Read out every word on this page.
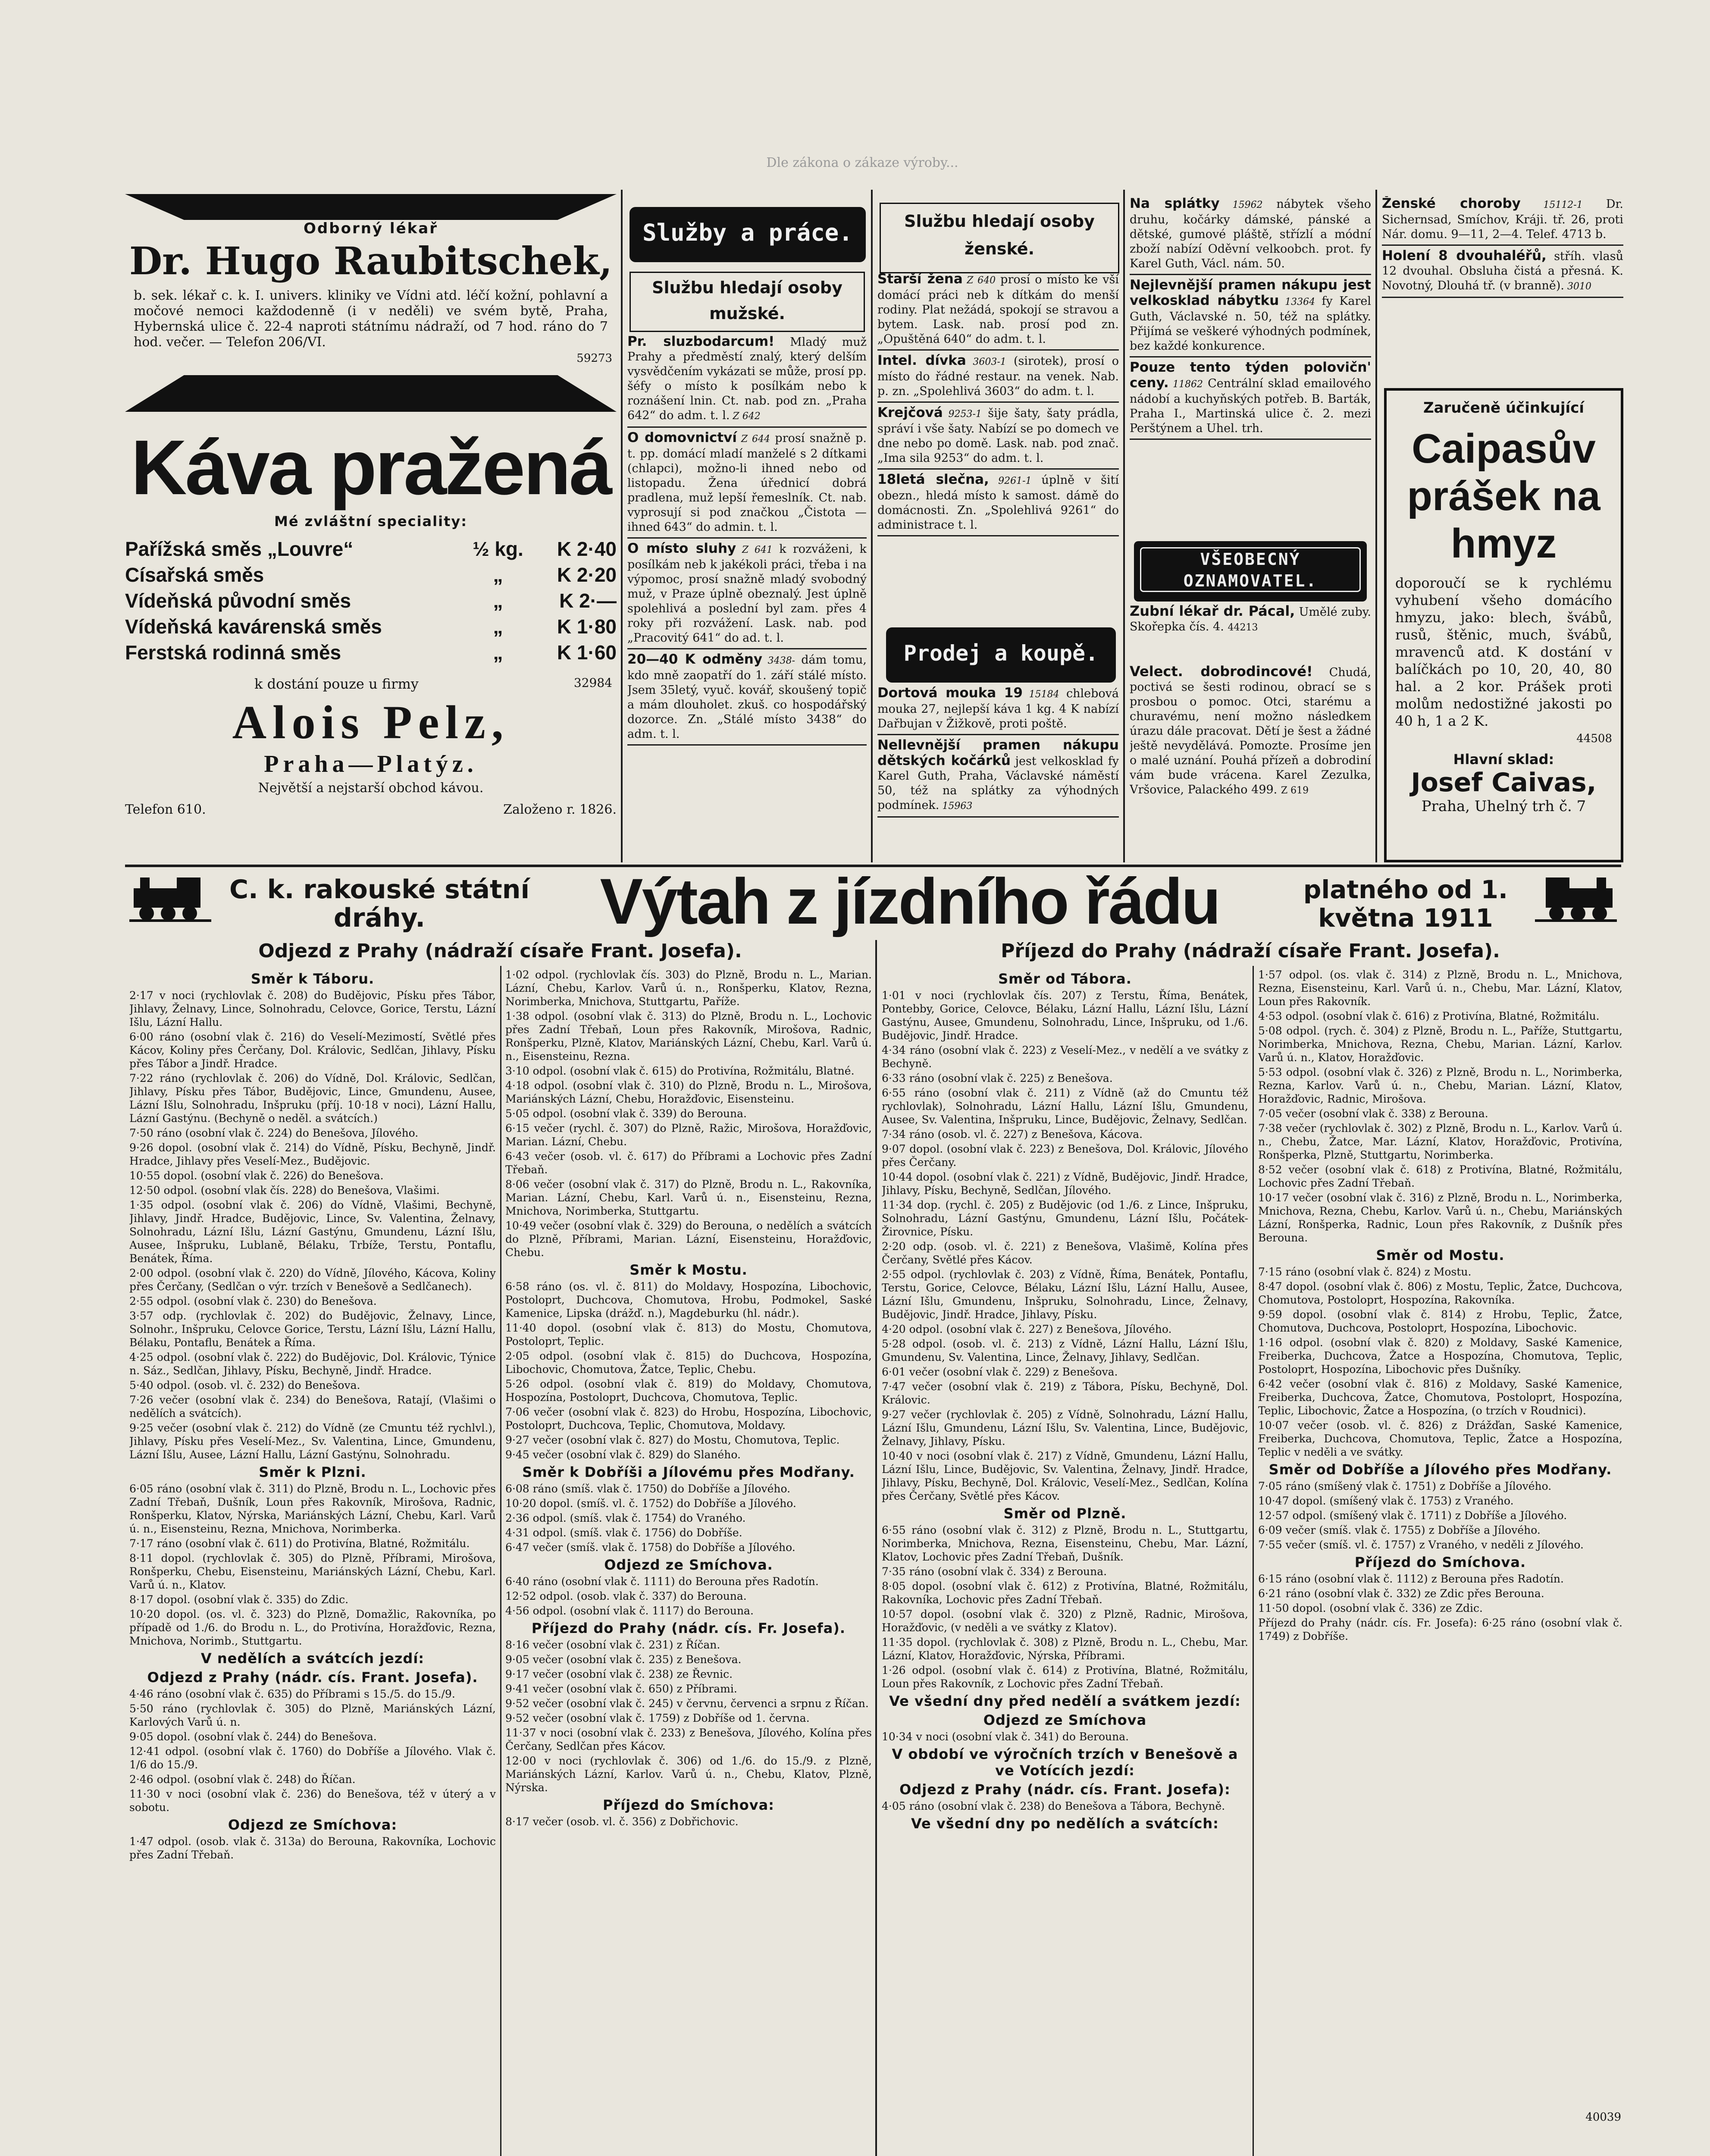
Dle zákona o zákaze výroby...
Odborný lékař
Dr. Hugo Raubitschek,
b. sek. lékař c. k. I. univers. kliniky ve Vídni atd. léčí kožní, pohlavní a močové nemoci každodenně (i v neděli) ve svém bytě, Praha, Hybernská ulice č. 22-4 naproti státnímu nádraží, od 7 hod. ráno do 7 hod. večer. — Telefon 206/VI.
59273
Káva pražená
Mé zvláštní speciality:
Pařížská směs „Louvre“	½ kg.	K 2·40
Císařská směs	„	K 2·20
Vídeňská původní směs	„	K 2·—
Vídeňská kavárenská směs	„	K 1·80
Ferstská rodinná směs	„	K 1·60
k dostání pouze u firmy	32984
Alois Pelz,
Praha—Platýz.
Největší a nejstarší obchod kávou.
Telefon 610.	Založeno r. 1826.
Služby a práce.
Službu hledají osoby mužské.
Pr. sluzbodarcum! Mladý muž Prahy a předměstí znalý, který delším vysvědčením vykázati se může, prosí pp. šéfy o místo k posílkám nebo k roznášení lnin. Ct. nab. pod zn. „Praha 642“ do adm. t. l. Z 642
O domovnictví Z 644 prosí snažně p. t. pp. domácí mladí manželé s 2 dítkami (chlapci), možno-li ihned nebo od listopadu. Žena úřednicí dobrá pradlena, muž lepší řemeslník. Ct. nab. vyprosují si pod značkou „Čistota — ihned 643“ do admin. t. l.
O místo sluhy Z 641 k rozváženi, k posílkám neb k jakékoli práci, třeba i na výpomoc, prosí snažně mladý svobodný muž, v Praze úplně obeznalý. Jest úplně spolehlivá a poslední byl zam. přes 4 roky při rozvážení. Lask. nab. pod „Pracovitý 641“ do ad. t. l.
20—40 K odměny 3438- dám tomu, kdo mně zaopatří do 1. září stálé místo. Jsem 35letý, vyuč. kovář, skoušený topič a mám dlouholet. zkuš. co hospodářský dozorce. Zn. „Stálé místo 3438“ do adm. t. l.
Službu hledají osoby ženské.
Starší žena Z 640 prosí o místo ke vší domácí práci neb k dítkám do menší rodiny. Plat nežádá, spokojí se stravou a bytem. Lask. nab. prosí pod zn. „Opuštěná 640“ do adm. t. l.
Intel. dívka 3603-1 (sirotek), prosí o místo do řádné restaur. na venek. Nab. p. zn. „Spolehlivá 3603“ do adm. t. l.
Krejčová 9253-1 šije šaty, šaty prádla, správí i vše šaty. Nabízí se po domech ve dne nebo po domě. Lask. nab. pod znač. „Ima sila 9253“ do adm. t. l.
18letá slečna, 9261-1 úplně v šití obezn., hledá místo k samost. dámě do domácnosti. Zn. „Spolehlivá 9261“ do administrace t. l.
Prodej a koupě.
Dortová mouka 19 15184 chlebová mouka 27, nejlepší káva 1 kg. 4 K nabízí Dařbujan v Žižkově, proti poště.
Nellevnější pramen nákupu dětských kočárků jest velkosklad fy Karel Guth, Praha, Václavské náměstí 50, též na splátky za výhodných podmínek. 15963
Na splátky 15962 nábytek všeho druhu, kočárky dámské, pánské a dětské, gumové pláště, střízlí a módní zboží nabízí Oděvní velkoobch. prot. fy Karel Guth, Václ. nám. 50.
Nejlevnější pramen nákupu jest velkosklad nábytku 13364 fy Karel Guth, Václavské n. 50, též na splátky. Přijímá se veškeré výhodných podmínek, bez každé konkurence.
Pouze tento týden polovičn' ceny. 11862 Centrální sklad emailového nádobí a kuchyňských potřeb. B. Barták, Praha I., Martinská ulice č. 2. mezi Perštýnem a Uhel. trh.
VŠEOBECNÝ OZNAMOVATEL.
Zubní lékař dr. Pácal, Umělé zuby. Skořepka čís. 4. 44213
Velect. dobrodincové! Chudá, poctivá se šesti rodinou, obrací se s prosbou o pomoc. Otci, starému a churavému, není možno následkem úrazu dále pracovat. Dětí je šest a žádné ještě nevydělává. Pomozte. Prosíme jen o malé uznání. Pouhá přízeň a dobrodiní vám bude vrácena. Karel Zezulka, Vršovice, Palackého 499. Z 619
Ženské choroby 15112-1 Dr. Sichernsad, Smíchov, Kráji. tř. 26, proti Nár. domu. 9—11, 2—4. Telef. 4713 b.
Holení 8 dvouhaléřů, stříh. vlasů 12 dvouhal. Obsluha čistá a přesná. K. Novotný, Dlouhá tř. (v branně). 3010
Zaručeně účinkující
Caipasův prášek na hmyz
doporoučí se k rychlému vyhubení všeho domácího hmyzu, jako: blech, švábů, rusů, štěnic, much, švábů, mravenců atd. K dostání v balíčkách po 10, 20, 40, 80 hal. a 2 kor. Prášek proti molům nedostižné jakosti po 40 h, 1 a 2 K.
44508
Hlavní sklad:
Josef Caivas,
Praha, Uhelný trh č. 7
C. k. rakouské státní dráhy.	Výtah z jízdního řádu	platného od 1. května 1911
Odjezd z Prahy (nádraží císaře Frant. Josefa).	Příjezd do Prahy (nádraží císaře Frant. Josefa).
Směr k Táboru.
2·17 v noci (rychlovlak č. 208) do Budějovic, Písku přes Tábor, Jihlavy, Želnavy, Lince, Solnohradu, Celovce, Gorice, Terstu, Lázní Išlu, Lázní Hallu.
6·00 ráno (osobní vlak č. 216) do Veselí-Mezimostí, Světlé přes Kácov, Koliny přes Čerčany, Dol. Královic, Sedlčan, Jihlavy, Písku přes Tábor a Jindř. Hradce.
7·22 ráno (rychlovlak č. 206) do Vídně, Dol. Královic, Sedlčan, Jihlavy, Písku přes Tábor, Budějovic, Lince, Gmundenu, Ausee, Lázní Išlu, Solnohradu, Inšpruku (příj. 10·18 v noci), Lázní Hallu, Lázní Gastýnu. (Bechyně o neděl. a svátcích.)
7·50 ráno (osobní vlak č. 224) do Benešova, Jílového.
9·26 dopol. (osobní vlak č. 214) do Vídně, Písku, Bechyně, Jindř. Hradce, Jihlavy přes Veselí-Mez., Budějovic.
10·55 dopol. (osobní vlak č. 226) do Benešova.
12·50 odpol. (osobní vlak čís. 228) do Benešova, Vlašimi.
1·35 odpol. (osobní vlak č. 206) do Vídně, Vlašimi, Bechyně, Jihlavy, Jindř. Hradce, Budějovic, Lince, Sv. Valentina, Želnavy, Solnohradu, Lázní Išlu, Lázní Gastýnu, Gmundenu, Lázní Išlu, Ausee, Inšpruku, Lublaně, Bélaku, Trbíže, Terstu, Pontaflu, Benátek, Říma.
2·00 odpol. (osobní vlak č. 220) do Vídně, Jílového, Kácova, Koliny přes Čerčany, (Sedlčan o výr. trzích v Benešově a Sedlčanech).
2·55 odpol. (osobní vlak č. 230) do Benešova.
3·57 odp. (rychlovlak č. 202) do Budějovic, Želnavy, Lince, Solnohr., Inšpruku, Celovce Gorice, Terstu, Lázní Išlu, Lázní Hallu, Bélaku, Pontaflu, Benátek a Říma.
4·25 odpol. (osobní vlak č. 222) do Budějovic, Dol. Královic, Týnice n. Sáz., Sedlčan, Jihlavy, Písku, Bechyně, Jindř. Hradce.
5·40 odpol. (osob. vl. č. 232) do Benešova.
7·26 večer (osobní vlak č. 234) do Benešova, Ratají, (Vlašimi o nedělích a svátcích).
9·25 večer (osobní vlak č. 212) do Vídně (ze Cmuntu též rychlvl.), Jihlavy, Písku přes Veselí-Mez., Sv. Valentina, Lince, Gmundenu, Lázní Išlu, Ausee, Lázní Hallu, Lázní Gastýnu, Solnohradu.
Směr k Plzni.
6·05 ráno (osobní vlak č. 311) do Plzně, Brodu n. L., Lochovic přes Zadní Třebaň, Dušník, Loun přes Rakovník, Mirošova, Radnic, Ronšperku, Klatov, Nýrska, Mariánských Lázní, Chebu, Karl. Varů ú. n., Eisensteinu, Rezna, Mnichova, Norimberka.
7·17 ráno (osobní vlak č. 611) do Protivína, Blatné, Rožmitálu.
8·11 dopol. (rychlovlak č. 305) do Plzně, Příbrami, Mirošova, Ronšperku, Chebu, Eisensteinu, Mariánských Lázní, Chebu, Karl. Varů ú. n., Klatov.
8·17 dopol. (osobní vlak č. 335) do Zdic.
10·20 dopol. (os. vl. č. 323) do Plzně, Domažlic, Rakovníka, po případě od 1./6. do Brodu n. L., do Protivína, Horažďovic, Rezna, Mnichova, Norimb., Stuttgartu.
V nedělích a svátcích jezdí:
Odjezd z Prahy (nádr. cís. Frant. Josefa).
4·46 ráno (osobní vlak č. 635) do Příbrami s 15./5. do 15./9.
5·50 ráno (rychlovlak č. 305) do Plzně, Mariánských Lázní, Karlových Varů ú. n.
9·05 dopol. (osobní vlak č. 244) do Benešova.
12·41 odpol. (osobní vlak č. 1760) do Dobříše a Jílového. Vlak č. 1/6 do 15./9.
2·46 odpol. (osobní vlak č. 248) do Říčan.
11·30 v noci (osobní vlak č. 236) do Benešova, též v úterý a v sobotu.
Odjezd ze Smíchova:
1·47 odpol. (osob. vlak č. 313a) do Berouna, Rakovníka, Lochovic přes Zadní Třebaň.
1·02 odpol. (rychlovlak čís. 303) do Plzně, Brodu n. L., Marian. Lázní, Chebu, Karlov. Varů ú. n., Ronšperku, Klatov, Rezna, Norimberka, Mnichova, Stuttgartu, Paříže.
1·38 odpol. (osobní vlak č. 313) do Plzně, Brodu n. L., Lochovic přes Zadní Třebaň, Loun přes Rakovník, Mirošova, Radnic, Ronšperku, Plzně, Klatov, Mariánských Lázní, Chebu, Karl. Varů ú. n., Eisensteinu, Rezna.
3·10 odpol. (osobní vlak č. 615) do Protivína, Rožmitálu, Blatné.
4·18 odpol. (osobní vlak č. 310) do Plzně, Brodu n. L., Mirošova, Mariánských Lázní, Chebu, Horažďovic, Eisensteinu.
5·05 odpol. (osobní vlak č. 339) do Berouna.
6·15 večer (rychl. č. 307) do Plzně, Ražic, Mirošova, Horažďovic, Marian. Lázní, Chebu.
6·43 večer (osob. vl. č. 617) do Příbrami a Lochovic přes Zadní Třebaň.
8·06 večer (osobní vlak č. 317) do Plzně, Brodu n. L., Rakovníka, Marian. Lázní, Chebu, Karl. Varů ú. n., Eisensteinu, Rezna, Mnichova, Norimberka, Stuttgartu.
10·49 večer (osobní vlak č. 329) do Berouna, o nedělích a svátcích do Plzně, Příbrami, Marian. Lázní, Eisensteinu, Horažďovic, Chebu.
Směr k Mostu.
6·58 ráno (os. vl. č. 811) do Moldavy, Hospozína, Libochovic, Postoloprt, Duchcova, Chomutova, Hrobu, Podmokel, Saské Kamenice, Lipska (drážď. n.), Magdeburku (hl. nádr.).
11·40 dopol. (osobní vlak č. 813) do Mostu, Chomutova, Postoloprt, Teplic.
2·05 odpol. (osobní vlak č. 815) do Duchcova, Hospozína, Libochovic, Chomutova, Žatce, Teplic, Chebu.
5·26 odpol. (osobní vlak č. 819) do Moldavy, Chomutova, Hospozína, Postoloprt, Duchcova, Chomutova, Teplic.
7·06 večer (osobní vlak č. 823) do Hrobu, Hospozína, Libochovic, Postoloprt, Duchcova, Teplic, Chomutova, Moldavy.
9·27 večer (osobní vlak č. 827) do Mostu, Chomutova, Teplic.
9·45 večer (osobní vlak č. 829) do Slaného.
Směr k Dobříši a Jílovému přes Modřany.
6·08 ráno (smíš. vlak č. 1750) do Dobříše a Jílového.
10·20 dopol. (smíš. vl. č. 1752) do Dobříše a Jílového.
2·36 odpol. (smíš. vlak č. 1754) do Vraného.
4·31 odpol. (smíš. vlak č. 1756) do Dobříše.
6·47 večer (smíš. vlak č. 1758) do Dobříše a Jílového.
Odjezd ze Smíchova.
6·40 ráno (osobní vlak č. 1111) do Berouna přes Radotín.
12·52 odpol. (osob. vlak č. 337) do Berouna.
4·56 odpol. (osobní vlak č. 1117) do Berouna.
Příjezd do Prahy (nádr. cís. Fr. Josefa).
8·16 večer (osobní vlak č. 231) z Říčan.
9·05 večer (osobní vlak č. 235) z Benešova.
9·17 večer (osobní vlak č. 238) ze Řevnic.
9·41 večer (osobní vlak č. 650) z Příbrami.
9·52 večer (osobní vlak č. 245) v červnu, červenci a srpnu z Říčan.
9·52 večer (osobní vlak č. 1759) z Dobříše od 1. června.
11·37 v noci (osobní vlak č. 233) z Benešova, Jílového, Kolína přes Čerčany, Sedlčan přes Kácov.
12·00 v noci (rychlovlak č. 306) od 1./6. do 15./9. z Plzně, Mariánských Lázní, Karlov. Varů ú. n., Chebu, Klatov, Plzně, Nýrska.
Příjezd do Smíchova:
8·17 večer (osob. vl. č. 356) z Dobřichovic.
Směr od Tábora.
1·01 v noci (rychlovlak čís. 207) z Terstu, Říma, Benátek, Pontebby, Gorice, Celovce, Bélaku, Lázní Hallu, Lázní Išlu, Lázní Gastýnu, Ausee, Gmundenu, Solnohradu, Lince, Inšpruku, od 1./6. Budějovic, Jindř. Hradce.
4·34 ráno (osobní vlak č. 223) z Veselí-Mez., v nedělí a ve svátky z Bechyně.
6·33 ráno (osobní vlak č. 225) z Benešova.
6·55 ráno (osobní vlak č. 211) z Vídně (až do Cmuntu též rychlovlak), Solnohradu, Lázní Hallu, Lázní Išlu, Gmundenu, Ausee, Sv. Valentina, Inšpruku, Lince, Budějovic, Želnavy, Sedlčan.
7·34 ráno (osob. vl. č. 227) z Benešova, Kácova.
9·07 dopol. (osobní vlak č. 223) z Benešova, Dol. Královic, Jílového přes Čerčany.
10·44 dopol. (osobní vlak č. 221) z Vídně, Budějovic, Jindř. Hradce, Jihlavy, Písku, Bechyně, Sedlčan, Jílového.
11·34 dop. (rychl. č. 205) z Budějovic (od 1./6. z Lince, Inšpruku, Solnohradu, Lázní Gastýnu, Gmundenu, Lázní Išlu, Počátek-Žirovnice, Písku.
2·20 odp. (osob. vl. č. 221) z Benešova, Vlašimě, Kolína přes Čerčany, Světlé přes Kácov.
2·55 odpol. (rychlovlak č. 203) z Vídně, Říma, Benátek, Pontaflu, Terstu, Gorice, Celovce, Bélaku, Lázní Išlu, Lázní Hallu, Ausee, Lázní Išlu, Gmundenu, Inšpruku, Solnohradu, Lince, Želnavy, Budějovic, Jindř. Hradce, Jihlavy, Písku.
4·20 odpol. (osobní vlak č. 227) z Benešova, Jílového.
5·28 odpol. (osob. vl. č. 213) z Vídně, Lázní Hallu, Lázní Išlu, Gmundenu, Sv. Valentina, Lince, Želnavy, Jihlavy, Sedlčan.
6·01 večer (osobní vlak č. 229) z Benešova.
7·47 večer (osobní vlak č. 219) z Tábora, Písku, Bechyně, Dol. Královic.
9·27 večer (rychlovlak č. 205) z Vídně, Solnohradu, Lázní Hallu, Lázní Išlu, Gmundenu, Lázní Išlu, Sv. Valentina, Lince, Budějovic, Želnavy, Jihlavy, Písku.
10·40 v noci (osobní vlak č. 217) z Vídně, Gmundenu, Lázní Hallu, Lázní Išlu, Lince, Budějovic, Sv. Valentina, Želnavy, Jindř. Hradce, Jihlavy, Písku, Bechyně, Dol. Královic, Veselí-Mez., Sedlčan, Kolína přes Čerčany, Světlé přes Kácov.
Směr od Plzně.
6·55 ráno (osobní vlak č. 312) z Plzně, Brodu n. L., Stuttgartu, Norimberka, Mnichova, Rezna, Eisensteinu, Chebu, Mar. Lázní, Klatov, Lochovic přes Zadní Třebaň, Dušník.
7·35 ráno (osobní vlak č. 334) z Berouna.
8·05 dopol. (osobní vlak č. 612) z Protivína, Blatné, Rožmitálu, Rakovníka, Lochovic přes Zadní Třebaň.
10·57 dopol. (osobní vlak č. 320) z Plzně, Radnic, Mirošova, Horažďovic, (v neděli a ve svátky z Klatov).
11·35 dopol. (rychlovlak č. 308) z Plzně, Brodu n. L., Chebu, Mar. Lázní, Klatov, Horažďovic, Nýrska, Příbrami.
1·26 odpol. (osobní vlak č. 614) z Protivína, Blatné, Rožmitálu, Loun přes Rakovník, z Lochovic přes Zadní Třebaň.
Ve všední dny před nedělí a svátkem jezdí:
Odjezd ze Smíchova
10·34 v noci (osobní vlak č. 341) do Berouna.
V období ve výročních trzích v Benešově a ve Votících jezdí:
Odjezd z Prahy (nádr. cís. Frant. Josefa):
4·05 ráno (osobní vlak č. 238) do Benešova a Tábora, Bechyně.
Ve všední dny po nedělích a svátcích:
1·57 odpol. (os. vlak č. 314) z Plzně, Brodu n. L., Mnichova, Rezna, Eisensteinu, Karl. Varů ú. n., Chebu, Mar. Lázní, Klatov, Loun přes Rakovník.
4·53 odpol. (osobní vlak č. 616) z Protivína, Blatné, Rožmitálu.
5·08 odpol. (rych. č. 304) z Plzně, Brodu n. L., Paříže, Stuttgartu, Norimberka, Mnichova, Rezna, Chebu, Marian. Lázní, Karlov. Varů ú. n., Klatov, Horažďovic.
5·53 odpol. (osobní vlak č. 326) z Plzně, Brodu n. L., Norimberka, Rezna, Karlov. Varů ú. n., Chebu, Marian. Lázní, Klatov, Horažďovic, Radnic, Mirošova.
7·05 večer (osobní vlak č. 338) z Berouna.
7·38 večer (rychlovlak č. 302) z Plzně, Brodu n. L., Karlov. Varů ú. n., Chebu, Žatce, Mar. Lázní, Klatov, Horažďovic, Protivína, Ronšperka, Plzně, Stuttgartu, Norimberka.
8·52 večer (osobní vlak č. 618) z Protivína, Blatné, Rožmitálu, Lochovic přes Zadní Třebaň.
10·17 večer (osobní vlak č. 316) z Plzně, Brodu n. L., Norimberka, Mnichova, Rezna, Chebu, Karlov. Varů ú. n., Chebu, Mariánských Lázní, Ronšperka, Radnic, Loun přes Rakovník, z Dušník přes Berouna.
Směr od Mostu.
7·15 ráno (osobní vlak č. 824) z Mostu.
8·47 dopol. (osobní vlak č. 806) z Mostu, Teplic, Žatce, Duchcova, Chomutova, Postoloprt, Hospozína, Rakovníka.
9·59 dopol. (osobní vlak č. 814) z Hrobu, Teplic, Žatce, Chomutova, Duchcova, Postoloprt, Hospozína, Libochovic.
1·16 odpol. (osobní vlak č. 820) z Moldavy, Saské Kamenice, Freiberka, Duchcova, Žatce a Hospozína, Chomutova, Teplic, Postoloprt, Hospozína, Libochovic přes Dušníky.
6·42 večer (osobní vlak č. 816) z Moldavy, Saské Kamenice, Freiberka, Duchcova, Žatce, Chomutova, Postoloprt, Hospozína, Teplic, Libochovic, Žatce a Hospozína, (o trzích v Roudnici).
10·07 večer (osob. vl. č. 826) z Drážďan, Saské Kamenice, Freiberka, Duchcova, Chomutova, Teplic, Žatce a Hospozína, Teplic v neděli a ve svátky.
Směr od Dobříše a Jílového přes Modřany.
7·05 ráno (smíšený vlak č. 1751) z Dobříše a Jílového.
10·47 dopol. (smíšený vlak č. 1753) z Vraného.
12·57 odpol. (smíšený vlak č. 1711) z Dobříše a Jílového.
6·09 večer (smíš. vlak č. 1755) z Dobříše a Jílového.
7·55 večer (smíš. vl. č. 1757) z Vraného, v neděli z Jílového.
Příjezd do Smíchova.
6·15 ráno (osobní vlak č. 1112) z Berouna přes Radotín.
6·21 ráno (osobní vlak č. 332) ze Zdic přes Berouna.
11·50 dopol. (osobní vlak č. 336) ze Zdic.
Příjezd do Prahy (nádr. cís. Fr. Josefa): 6·25 ráno (osobní vlak č. 1749) z Dobříše.
40039
